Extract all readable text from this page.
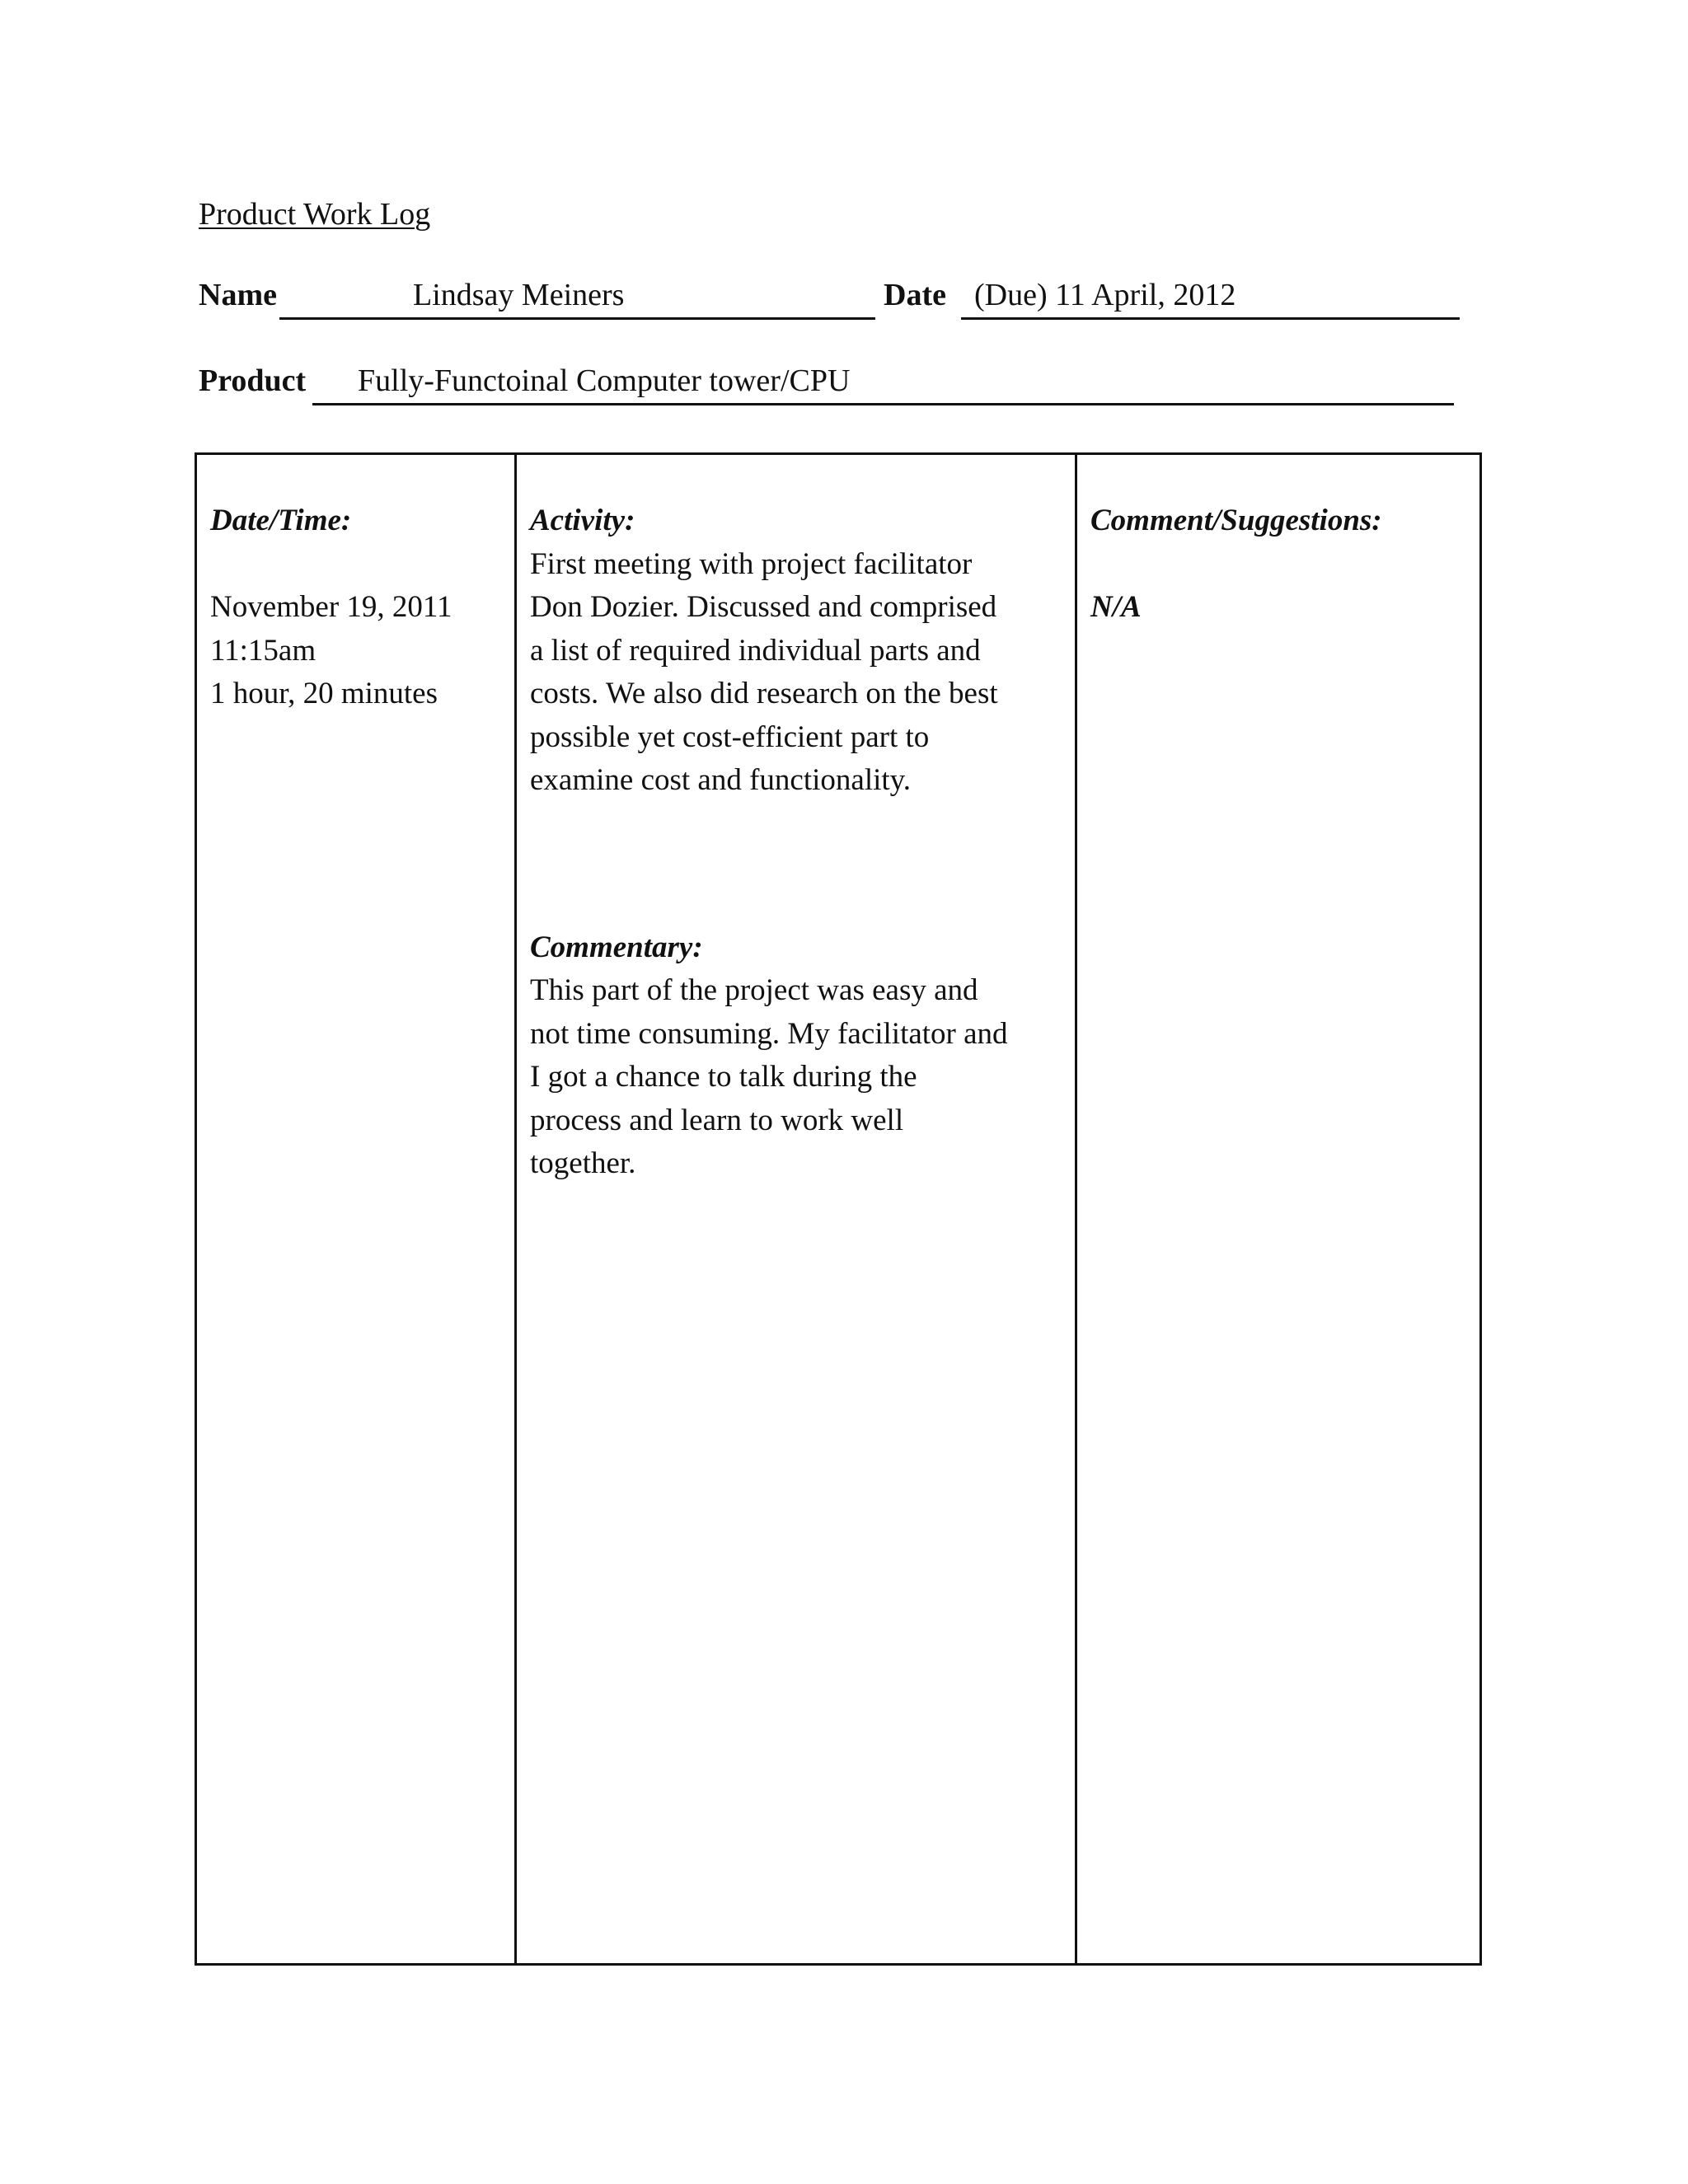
Product Work Log
Name	Lindsay Meiners	Date (Due) 11 April, 2012
Product Fully-Functoinal Computer tower/CPU
Date/Time:
November 19, 2011
11:15am
1 hour, 20 minutes
Activity:
First meeting with project facilitator
Don Dozier. Discussed and comprised
a list of required individual parts and
costs. We also did research on the best
possible yet cost-efficient part to
examine cost and functionality.
Commentary:
This part of the project was easy and
not time consuming. My facilitator and
I got a chance to talk during the
process and learn to work well
together.
Comment/Suggestions:
N/A
